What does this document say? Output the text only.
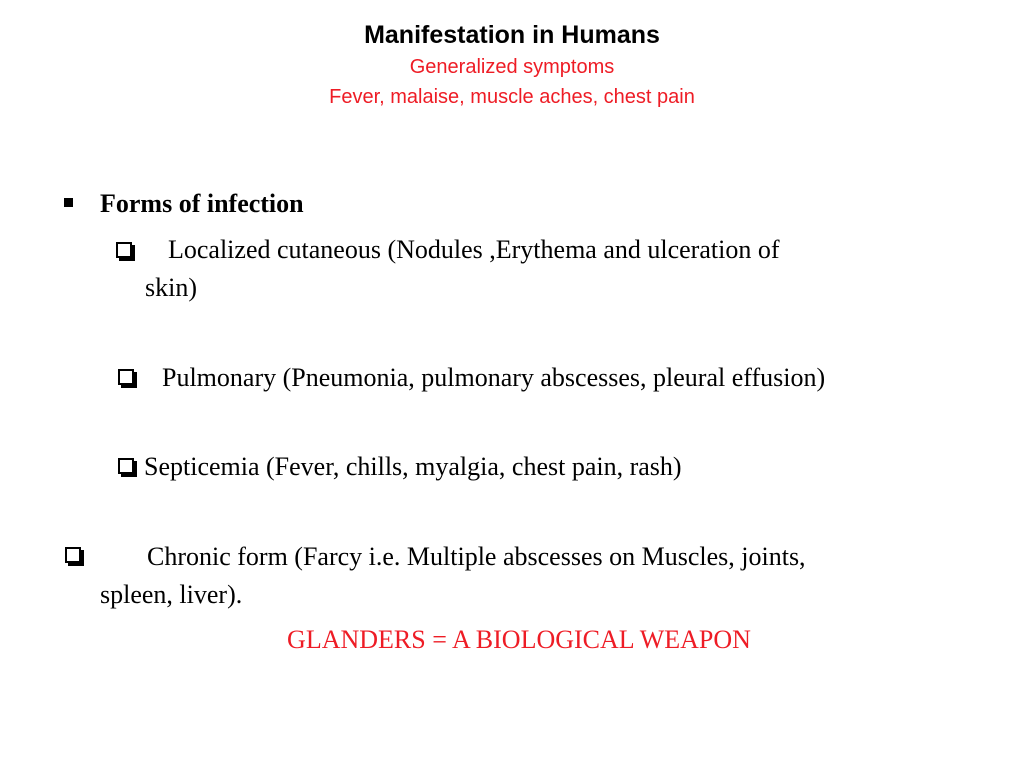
Manifestation in Humans
Generalized symptoms
Fever, malaise, muscle aches, chest pain
Forms of infection
Localized cutaneous (Nodules ,Erythema and ulceration of
skin)
Pulmonary (Pneumonia, pulmonary abscesses, pleural effusion)
Septicemia (Fever, chills, myalgia, chest pain, rash)
Chronic form (Farcy i.e. Multiple abscesses on Muscles, joints,
spleen, liver).
GLANDERS = A BIOLOGICAL WEAPON
